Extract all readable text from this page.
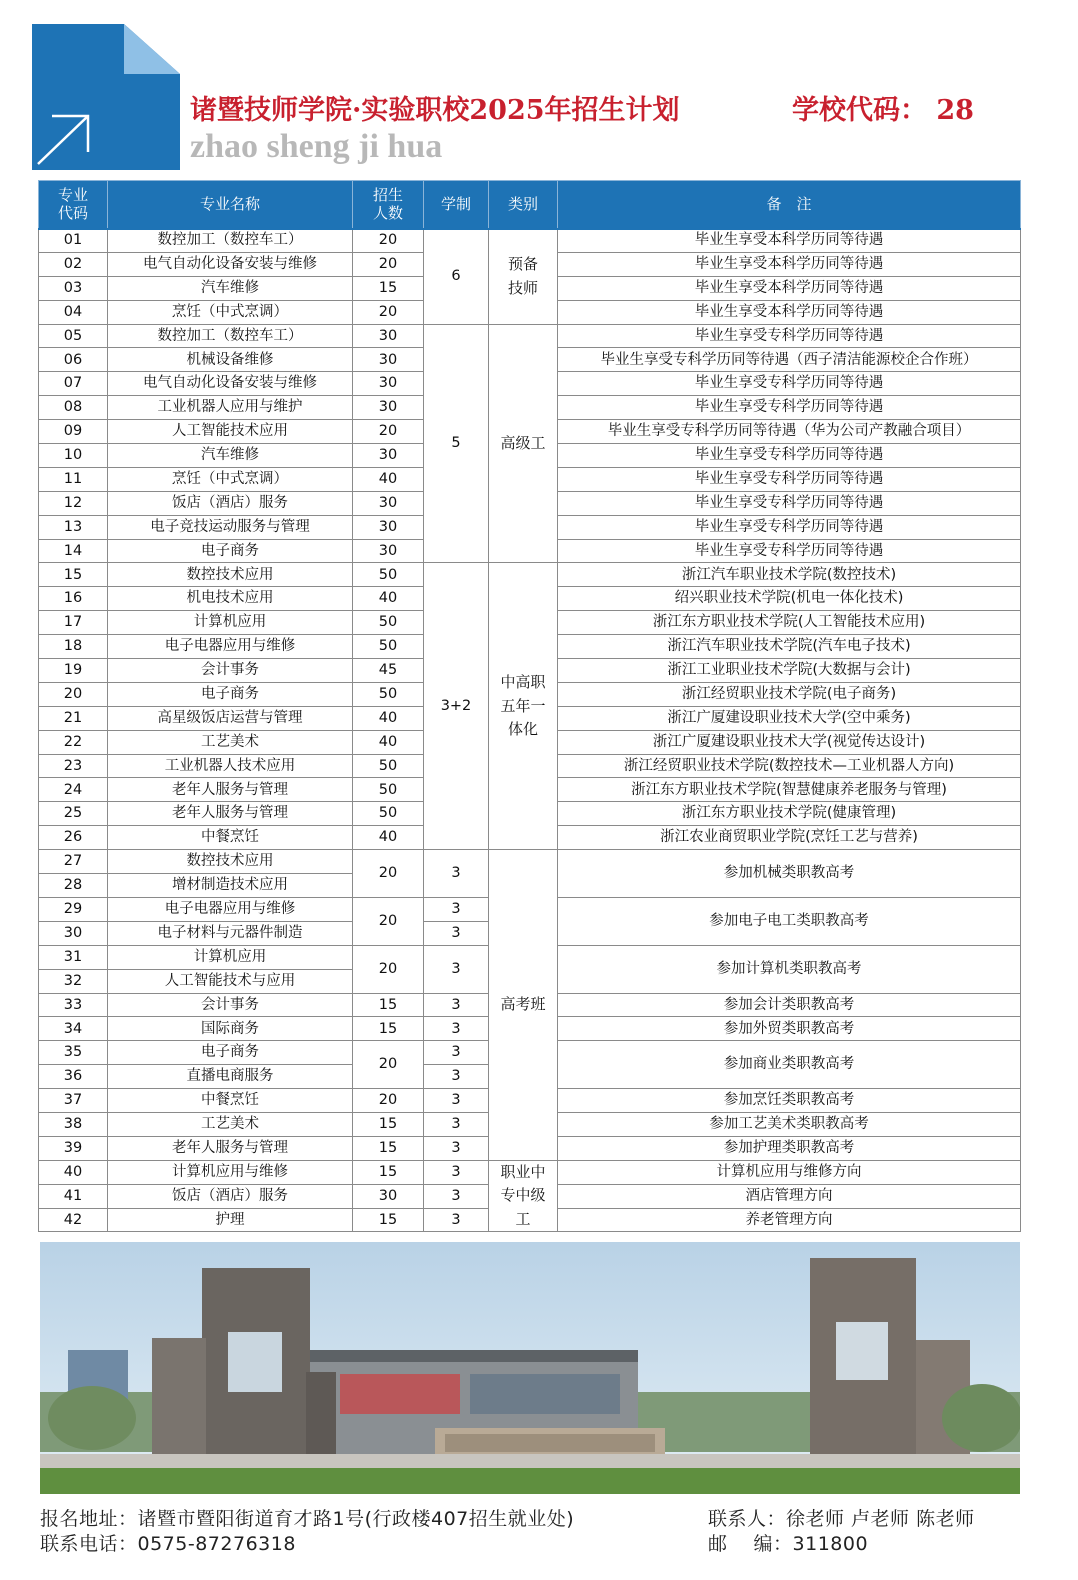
诸暨技师学院·实验职校2025年招生计划	学校代码： 28
zhao sheng ji hua
专业代码	专业名称	招生人数	学制	类别	备　注
01	数控加工（数控车工）	20	6	预备技师	毕业生享受本科学历同等待遇
02	电气自动化设备安装与维修	20			毕业生享受本科学历同等待遇
03	汽车维修	15			毕业生享受本科学历同等待遇
04	烹饪（中式烹调）	20			毕业生享受本科学历同等待遇
05	数控加工（数控车工）	30	5	高级工	毕业生享受专科学历同等待遇
06	机械设备维修	30			毕业生享受专科学历同等待遇（西子清洁能源校企合作班）
07	电气自动化设备安装与维修	30			毕业生享受专科学历同等待遇
08	工业机器人应用与维护	30			毕业生享受专科学历同等待遇
09	人工智能技术应用	20			毕业生享受专科学历同等待遇（华为公司产教融合项目）
10	汽车维修	30			毕业生享受专科学历同等待遇
11	烹饪（中式烹调）	40			毕业生享受专科学历同等待遇
12	饭店（酒店）服务	30			毕业生享受专科学历同等待遇
13	电子竞技运动服务与管理	30			毕业生享受专科学历同等待遇
14	电子商务	30			毕业生享受专科学历同等待遇
15	数控技术应用	50	3+2	中高职五年一体化	浙江汽车职业技术学院(数控技术)
16	机电技术应用	40			绍兴职业技术学院(机电一体化技术)
17	计算机应用	50			浙江东方职业技术学院(人工智能技术应用)
18	电子电器应用与维修	50			浙江汽车职业技术学院(汽车电子技术)
19	会计事务	45			浙江工业职业技术学院(大数据与会计)
20	电子商务	50			浙江经贸职业技术学院(电子商务)
21	高星级饭店运营与管理	40			浙江广厦建设职业技术大学(空中乘务)
22	工艺美术	40			浙江广厦建设职业技术大学(视觉传达设计)
23	工业机器人技术应用	50			浙江经贸职业技术学院(数控技术—工业机器人方向)
24	老年人服务与管理	50			浙江东方职业技术学院(智慧健康养老服务与管理)
25	老年人服务与管理	50			浙江东方职业技术学院(健康管理)
26	中餐烹饪	40			浙江农业商贸职业学院(烹饪工艺与营养)
27	数控技术应用	20	3	高考班	参加机械类职教高考
28	增材制造技术应用				
29	电子电器应用与维修	20	3		参加电子电工类职教高考
30	电子材料与元器件制造		3		
31	计算机应用	20	3		参加计算机类职教高考
32	人工智能技术与应用				
33	会计事务	15	3		参加会计类职教高考
34	国际商务	15	3		参加外贸类职教高考
35	电子商务	20	3		参加商业类职教高考
36	直播电商服务		3		
37	中餐烹饪	20	3		参加烹饪类职教高考
38	工艺美术	15	3		参加工艺美术类职教高考
39	老年人服务与管理	15	3		参加护理类职教高考
40	计算机应用与维修	15	3	职业中专中级工	计算机应用与维修方向
41	饭店（酒店）服务	30	3		酒店管理方向
42	护理	15	3		养老管理方向
报名地址：诸暨市暨阳街道育才路1号(行政楼407招生就业处)
联系电话：0575-87276318
联系人：徐老师 卢老师 陈老师
邮　 编：311800
